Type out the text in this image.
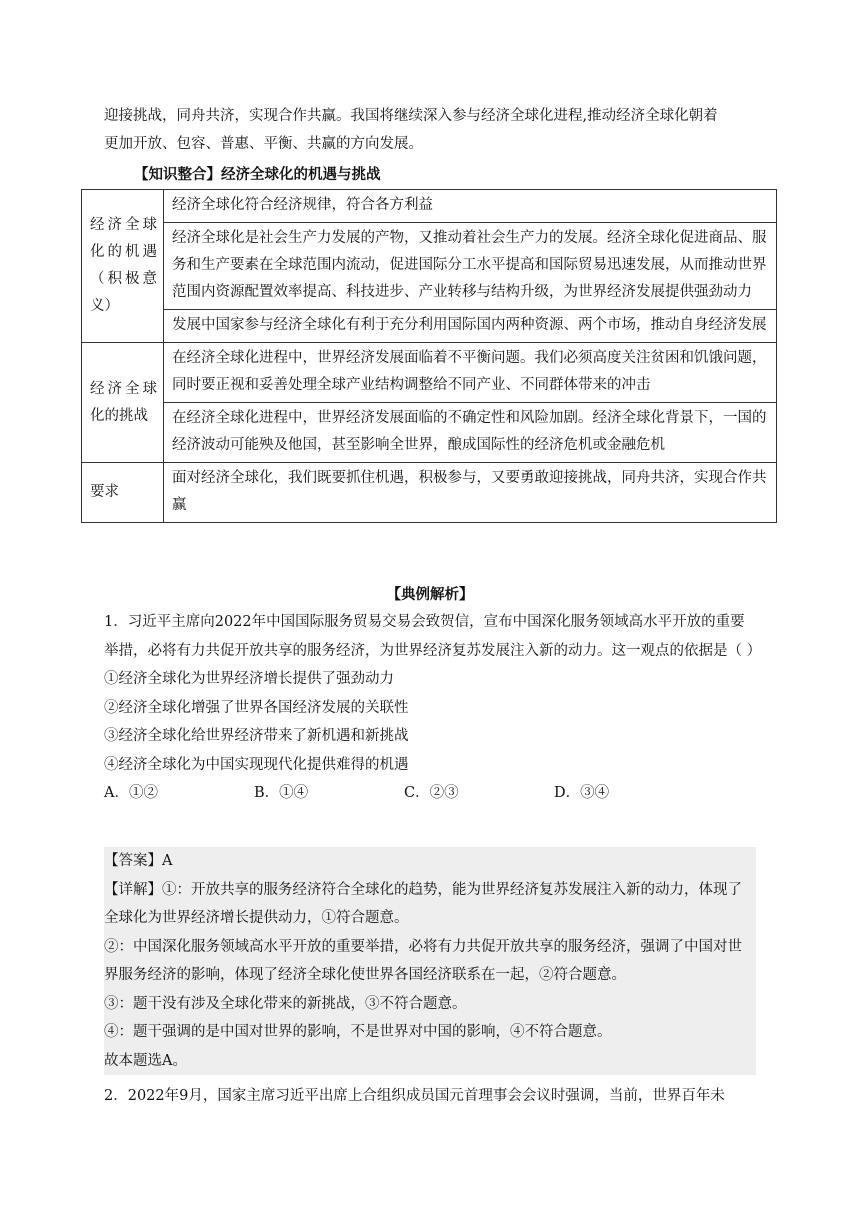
迎接挑战，同舟共济，实现合作共赢。我国将继续深入参与经济全球化进程,推动经济全球化朝着
更加开放、包容、普惠、平衡、共赢的方向发展。
【知识整合】经济全球化的机遇与挑战
经济全球化的机遇（积极意义）	经济全球化符合经济规律，符合各方利益
	经济全球化是社会生产力发展的产物，又推动着社会生产力的发展。经济全球化促进商品、服务和生产要素在全球范围内流动，促进国际分工水平提高和国际贸易迅速发展，从而推动世界范围内资源配置效率提高、科技进步、产业转移与结构升级，为世界经济发展提供强劲动力
	发展中国家参与经济全球化有利于充分利用国际国内两种资源、两个市场，推动自身经济发展
经济全球化的挑战	在经济全球化进程中，世界经济发展面临着不平衡问题。我们必须高度关注贫困和饥饿问题，同时要正视和妥善处理全球产业结构调整给不同产业、不同群体带来的冲击
	在经济全球化进程中，世界经济发展面临的不确定性和风险加剧。经济全球化背景下，一国的经济波动可能殃及他国，甚至影响全世界，酿成国际性的经济危机或金融危机
要求	面对经济全球化，我们既要抓住机遇，积极参与，又要勇敢迎接挑战，同舟共济，实现合作共赢
【典例解析】
1．习近平主席向2022年中国国际服务贸易交易会致贺信，宣布中国深化服务领域高水平开放的重要举措，必将有力共促开放共享的服务经济，为世界经济复苏发展注入新的动力。这一观点的依据是（ ）
①经济全球化为世界经济增长提供了强劲动力
②经济全球化增强了世界各国经济发展的关联性
③经济全球化给世界经济带来了新机遇和新挑战
④经济全球化为中国实现现代化提供难得的机遇
A．①②	B．①④	C．②③	D．③④
【答案】A
【详解】①：开放共享的服务经济符合全球化的趋势，能为世界经济复苏发展注入新的动力，体现了全球化为世界经济增长提供动力，①符合题意。
②：中国深化服务领域高水平开放的重要举措，必将有力共促开放共享的服务经济，强调了中国对世界服务经济的影响，体现了经济全球化使世界各国经济联系在一起，②符合题意。
③：题干没有涉及全球化带来的新挑战，③不符合题意。
④：题干强调的是中国对世界的影响，不是世界对中国的影响，④不符合题意。
故本题选A。
2．2022年9月，国家主席习近平出席上合组织成员国元首理事会会议时强调，当前，世界百年未
